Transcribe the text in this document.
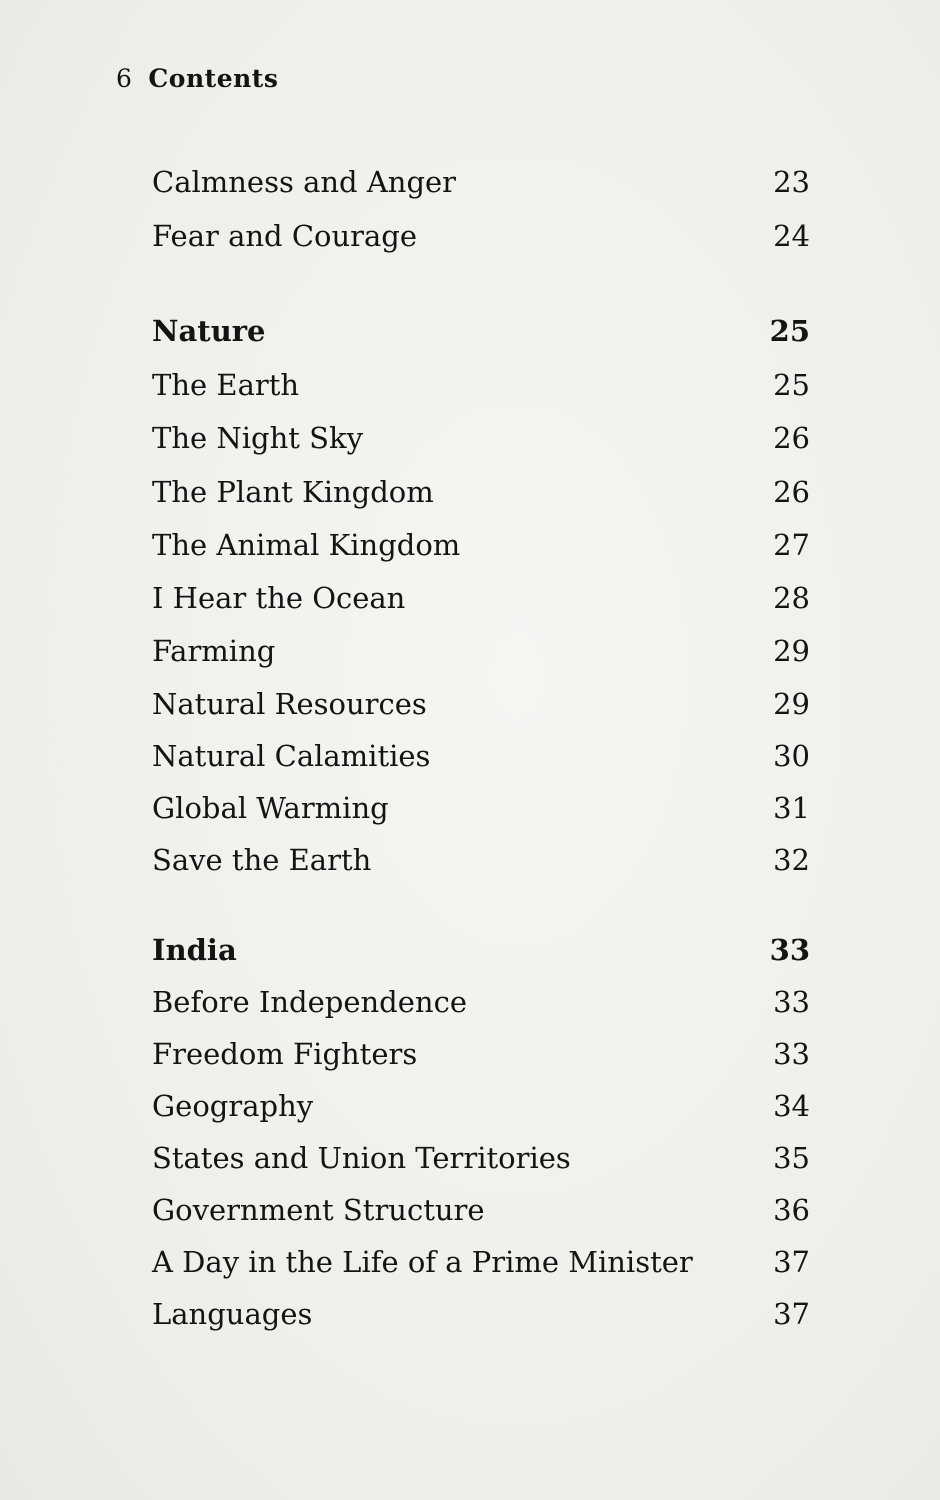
6 Contents
Calmness and Anger	23
Fear and Courage	24
Nature	25
The Earth	25
The Night Sky	26
The Plant Kingdom	26
The Animal Kingdom	27
I Hear the Ocean	28
Farming	29
Natural Resources	29
Natural Calamities	30
Global Warming	31
Save the Earth	32
India	33
Before Independence	33
Freedom Fighters	33
Geography	34
States and Union Territories	35
Government Structure	36
A Day in the Life of a Prime Minister	37
Languages	37
